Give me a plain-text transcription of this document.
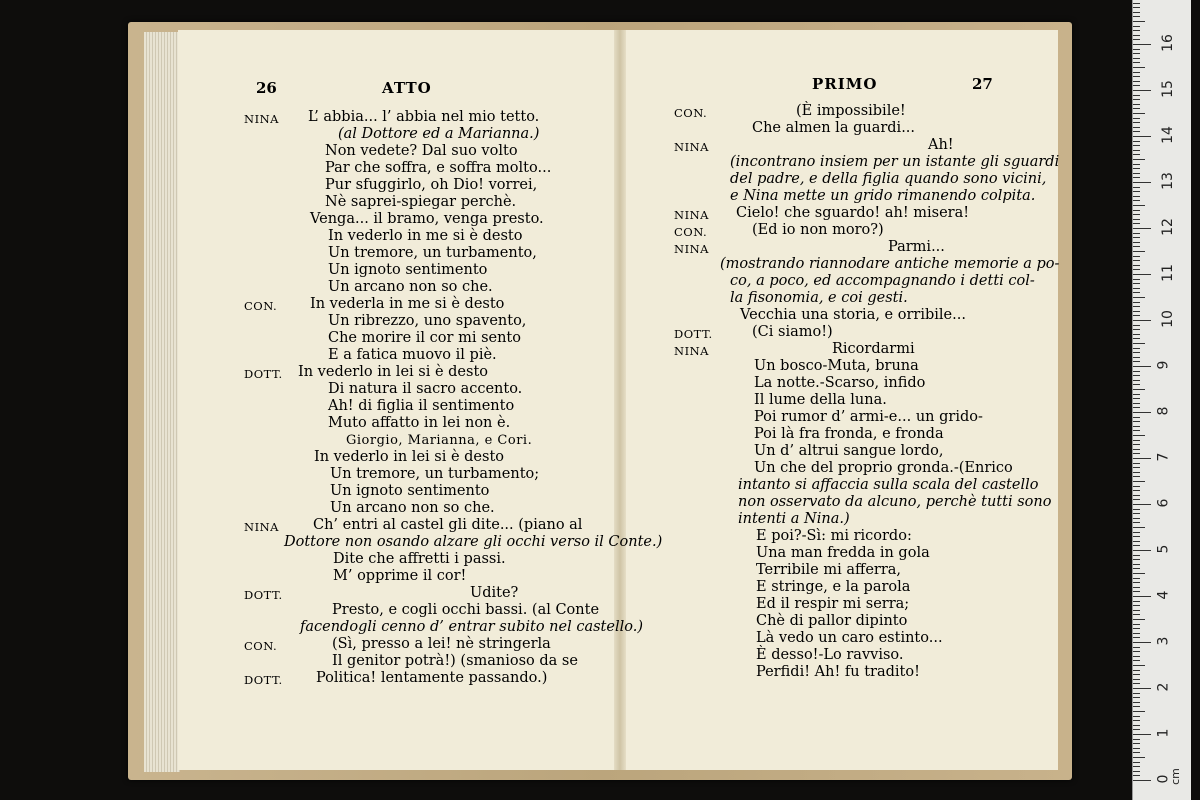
26	ATTO	PRIMO	27
NINA L’ abbia... l’ abbia nel mio tetto.
(al Dottore ed a Marianna.)
Non vedete? Dal suo volto
Par che soffra, e soffra molto...
Pur sfuggirlo, oh Dio! vorrei,
Nè saprei-spiegar perchè.
Venga... il bramo, venga presto.
In vederlo in me si è desto
Un tremore, un turbamento,
Un ignoto sentimento
Un arcano non so che.
CON. In vederla in me si è desto
Un ribrezzo, uno spavento,
Che morire il cor mi sento
E a fatica muovo il piè.
DOTT. In vederlo in lei si è desto
Di natura il sacro accento.
Ah! di figlia il sentimento
Muto affatto in lei non è.
Giorgio, Marianna, e Cori.
In vederlo in lei si è desto
Un tremore, un turbamento;
Un ignoto sentimento
Un arcano non so che.
NINA Ch’ entri al castel gli dite... (piano al
Dottore non osando alzare gli occhi verso il Conte.)
Dite che affretti i passi.
M’ opprime il cor!
DOTT.	Udite?
Presto, e cogli occhi bassi. (al Conte
facendogli cenno d’ entrar subito nel castello.)
CON.	(Sì, presso a lei! nè stringerla
Il genitor potrà!) (smanioso da se
DOTT. Politica! lentamente passando.)
CON.	(È impossibile!
Che almen la guardi...
NINA	Ah!
(incontrano insiem per un istante gli sguardi
del padre, e della figlia quando sono vicini,
e Nina mette un grido rimanendo colpita.
NINA Cielo! che sguardo! ah! misera!
CON.	(Ed io non moro?)
NINA	Parmi...
(mostrando riannodare antiche memorie a po-
co, a poco, ed accompagnando i detti col-
la fisonomia, e coi gesti.
Vecchia una storia, e orribile...
DOTT.	(Ci siamo!)
NINA	Ricordarmi
Un bosco-Muta, bruna
La notte.-Scarso, infido
Il lume della luna.
Poi rumor d’ armi-e... un grido-
Poi là fra fronda, e fronda
Un d’ altrui sangue lordo,
Un che del proprio gronda.-(Enrico
intanto si affaccia sulla scala del castello
non osservato da alcuno, perchè tutti sono
intenti a Nina.)
E poi?-Sì: mi ricordo:
Una man fredda in gola
Terribile mi afferra,
E stringe, e la parola
Ed il respir mi serra;
Chè di pallor dipinto
Là vedo un caro estinto...
È desso!-Lo ravviso.
Perfidi! Ah! fu tradito!
0
1
2
3
4
5
6
7
8
9
10
11
12
13
14
15
16
cm
